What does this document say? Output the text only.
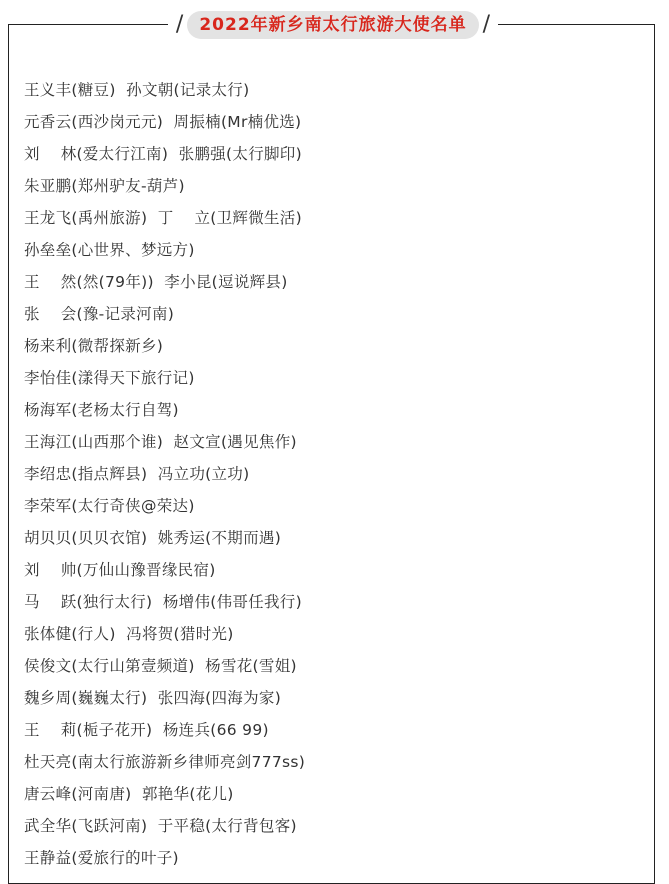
/ 2022年新乡南太行旅游大使名单 /
王义丰(糖豆)  孙文朝(记录太行)
元香云(西沙岗元元)  周振楠(Mr楠优选)
刘    林(爱太行江南)  张鹏强(太行脚印)
朱亚鹏(郑州驴友-葫芦)
王龙飞(禹州旅游)  丁    立(卫辉微生活)
孙垒垒(心世界、梦远方)
王    然(然(79年))  李小昆(逗说辉县)
张    会(豫-记录河南)
杨来利(微帮探新乡)
李怡佳(漾得天下旅行记)
杨海军(老杨太行自驾)
王海江(山西那个谁)  赵文宣(遇见焦作)
李绍忠(指点辉县)  冯立功(立功)
李荣军(太行奇侠@荣达)
胡贝贝(贝贝衣馆)  姚秀运(不期而遇)
刘    帅(万仙山豫晋缘民宿)
马    跃(独行太行)  杨增伟(伟哥任我行)
张体健(行人)  冯将贺(猎时光)
侯俊文(太行山第壹频道)  杨雪花(雪姐)
魏乡周(巍巍太行)  张四海(四海为家)
王    莉(栀子花开)  杨连兵(66 99)
杜天亮(南太行旅游新乡律师亮剑777ss)
唐云峰(河南唐)  郭艳华(花儿)
武全华(飞跃河南)  于平稳(太行背包客)
王静益(爱旅行的叶子)
